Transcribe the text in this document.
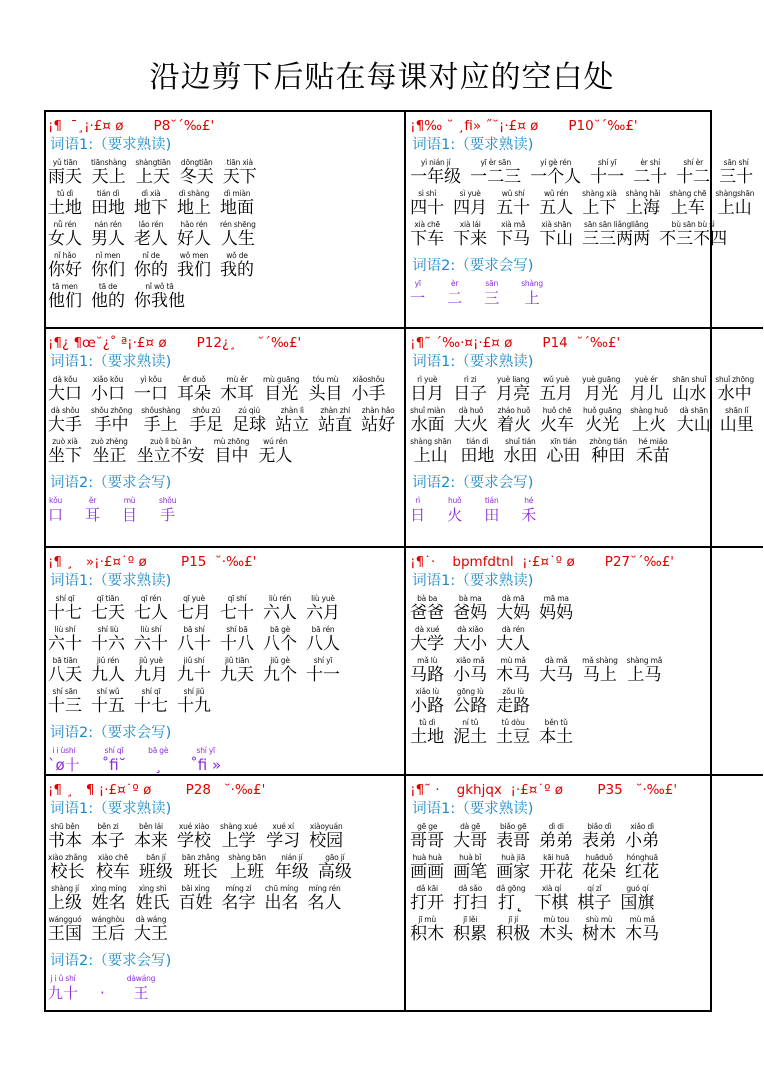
沿边剪下后贴在每课对应的空白处
¡¶  ¯¸¡·£¤ ø       P8˘´‰£'
词语1:（要求熟读)
yǔ tiān
雨天
tiānshàng
天上
shàngtiān
上天
dōngtiān
冬天
tiān xià
天下
tǔ dì
土地
tián dì
田地
dì xià
地下
dì shàng
地上
dì miàn
地面
nǚ rén
女人
nán rén
男人
lǎo rén
老人
hǎo rén
好人
rén shēng
人生
nǐ hǎo
你好
nǐ men
你们
nǐ de
你的
wǒ men
我们
wǒ de
我的
tā men
他们
tā de
他的
nǐ wǒ tā
你我他
¡¶‰ ˘ ¸fi» ˝˘¡·£¤ ø       P10˘´‰£'
词语1:（要求熟读)
yì nián jí
一年级
yī èr sān
一二三
yí gè rén
一个人
shí yī
十一
èr shí
二十
shí èr
十二
sān shí
三十
sì shí
四十
sì yuè
四月
wǔ shí
五十
wǔ rén
五人
shàng xià
上下
shàng hǎi
上海
shàng chē
上车
shàngshān
上山
xià chē
下车
xià lái
下来
xià mǎ
下马
xià shān
下山
sān sān liǎngliǎng
三三两两
bù sān bù sì
不三不四
词语2:（要求会写)
yī
一
èr
二
sān
三
shàng
上
¡¶¿ ¶œ˘¿˚ ª¡·£¤ ø       P12¿¸     ˘´‰£'
词语1:（要求熟读)
dà kǒu
大口
xiǎo kǒu
小口
yì kǒu
一口
ěr duǒ
耳朵
mù ěr
木耳
mù guāng
目光
tóu mù
头目
xiǎoshǒu
小手
dà shǒu
大手
shǒu zhōng
手中
shǒushàng
手上
shǒu zú
手足
zú qiú
足球
zhàn lì
站立
zhàn zhí
站直
zhàn hǎo
站好
zuò xià
坐下
zuò zhèng
坐正
zuò lì bù ān
坐立不安
mù zhōng
目中
wú rén
无人
词语2:（要求会写)
kǒu
口
ěr
耳
mù
目
shǒu
手
¡¶˜ ´‰·¤¡·£¤ ø       P14  ˘´‰£'
词语1:（要求熟读)
rì yuè
日月
rì zi
日子
yuè liang
月亮
wǔ yuè
五月
yuè guāng
月光
yuè ér
月儿
shān shuǐ
山水
shuǐ zhōng
水中
shuǐ miàn
水面
dà huǒ
大火
zháo huǒ
着火
huǒ chē
火车
huǒ guāng
火光
shàng huǒ
上火
dà shān
大山
shān lǐ
山里
shàng shān
上山
tián dì
田地
shuǐ tián
水田
xīn tián
心田
zhòng tián
种田
hé miáo
禾苗
词语2:（要求会写)
rì
日
huǒ
火
tián
田
hé
禾
¡¶ ¸   »¡·£¤˙º ø        P15  ˘·‰£'
词语1:（要求熟读)
shí qī
十七
qī tiān
七天
qī rén
七人
qī yuè
七月
qī shí
七十
liù rén
六人
liù yuè
六月
liù shí
六十
shí liù
十六
liù shí
六十
bā shí
八十
shí bā
十八
bā gè
八个
bā rén
八人
bā tiān
八天
jiǔ rén
九人
jiǔ yuè
九月
jiǔ shí
九十
jiǔ tiān
九天
jiǔ gè
九个
shí yī
十一
shí sān
十三
shí wǔ
十五
shí qī
十七
shí jiǔ
十九
词语2:（要求会写)
i i ùshi
`ø十
shí qī
˚fi˘
bā gè
¸
shí yī
˚fi »
¡¶˙·    bpmfdtnl  ¡·£¤˙º ø       P27˘´‰£'
词语1:（要求熟读)
bà ba
爸爸
bà ma
爸妈
dà mā
大妈
mā ma
妈妈
dà xué
大学
dà xiǎo
大小
dà rén
大人
mǎ lù
马路
xiǎo mǎ
小马
mù mǎ
木马
dà mǎ
大马
mǎ shàng
马上
shàng mǎ
上马
xiǎo lù
小路
gōng lù
公路
zǒu lù
走路
tǔ dì
土地
ní tǔ
泥土
tǔ dòu
土豆
běn tǔ
本土
¡¶ ¸   ¶ ¡·£¤˙º ø        P28   ˘·‰£'
词语1:（要求熟读)
shū běn
书本
běn zi
本子
běn lái
本来
xué xiào
学校
shàng xué
上学
xué xí
学习
xiàoyuán
校园
xiào zhǎng
校长
xiào chē
校车
bān jí
班级
bān zhǎng
班长
shàng bān
上班
nián jí
年级
gāo jí
高级
shàng jí
上级
xìng míng
姓名
xìng shì
姓氏
bǎi xìng
百姓
míng zì
名字
chū míng
出名
míng rén
名人
wángguó
王国
wánghòu
王后
dà wáng
大王
词语2:（要求会写)
j i ǔ shí
九十 ·
dàwáng
王
¡¶˜ ·    gkhjqx  ¡·£¤˙º ø        P35   ˘·‰£'
词语1:（要求熟读)
gē ge
哥哥
dà gē
大哥
biǎo gē
表哥
dì di
弟弟
biǎo dì
表弟
xiǎo dì
小弟
huà huà
画画
huà bǐ
画笔
huà jiā
画家
kāi huā
开花
huāduǒ
花朵
hónghuā
红花
dǎ kāi
打开
dǎ sǎo
打扫
dǎ gōng
打˛
xià qí
下棋
qí zǐ
棋子
guó qí
国旗
jī mù
积木
jī lěi
积累
jī jí
积极
mù tou
木头
shù mù
树木
mù mǎ
木马
